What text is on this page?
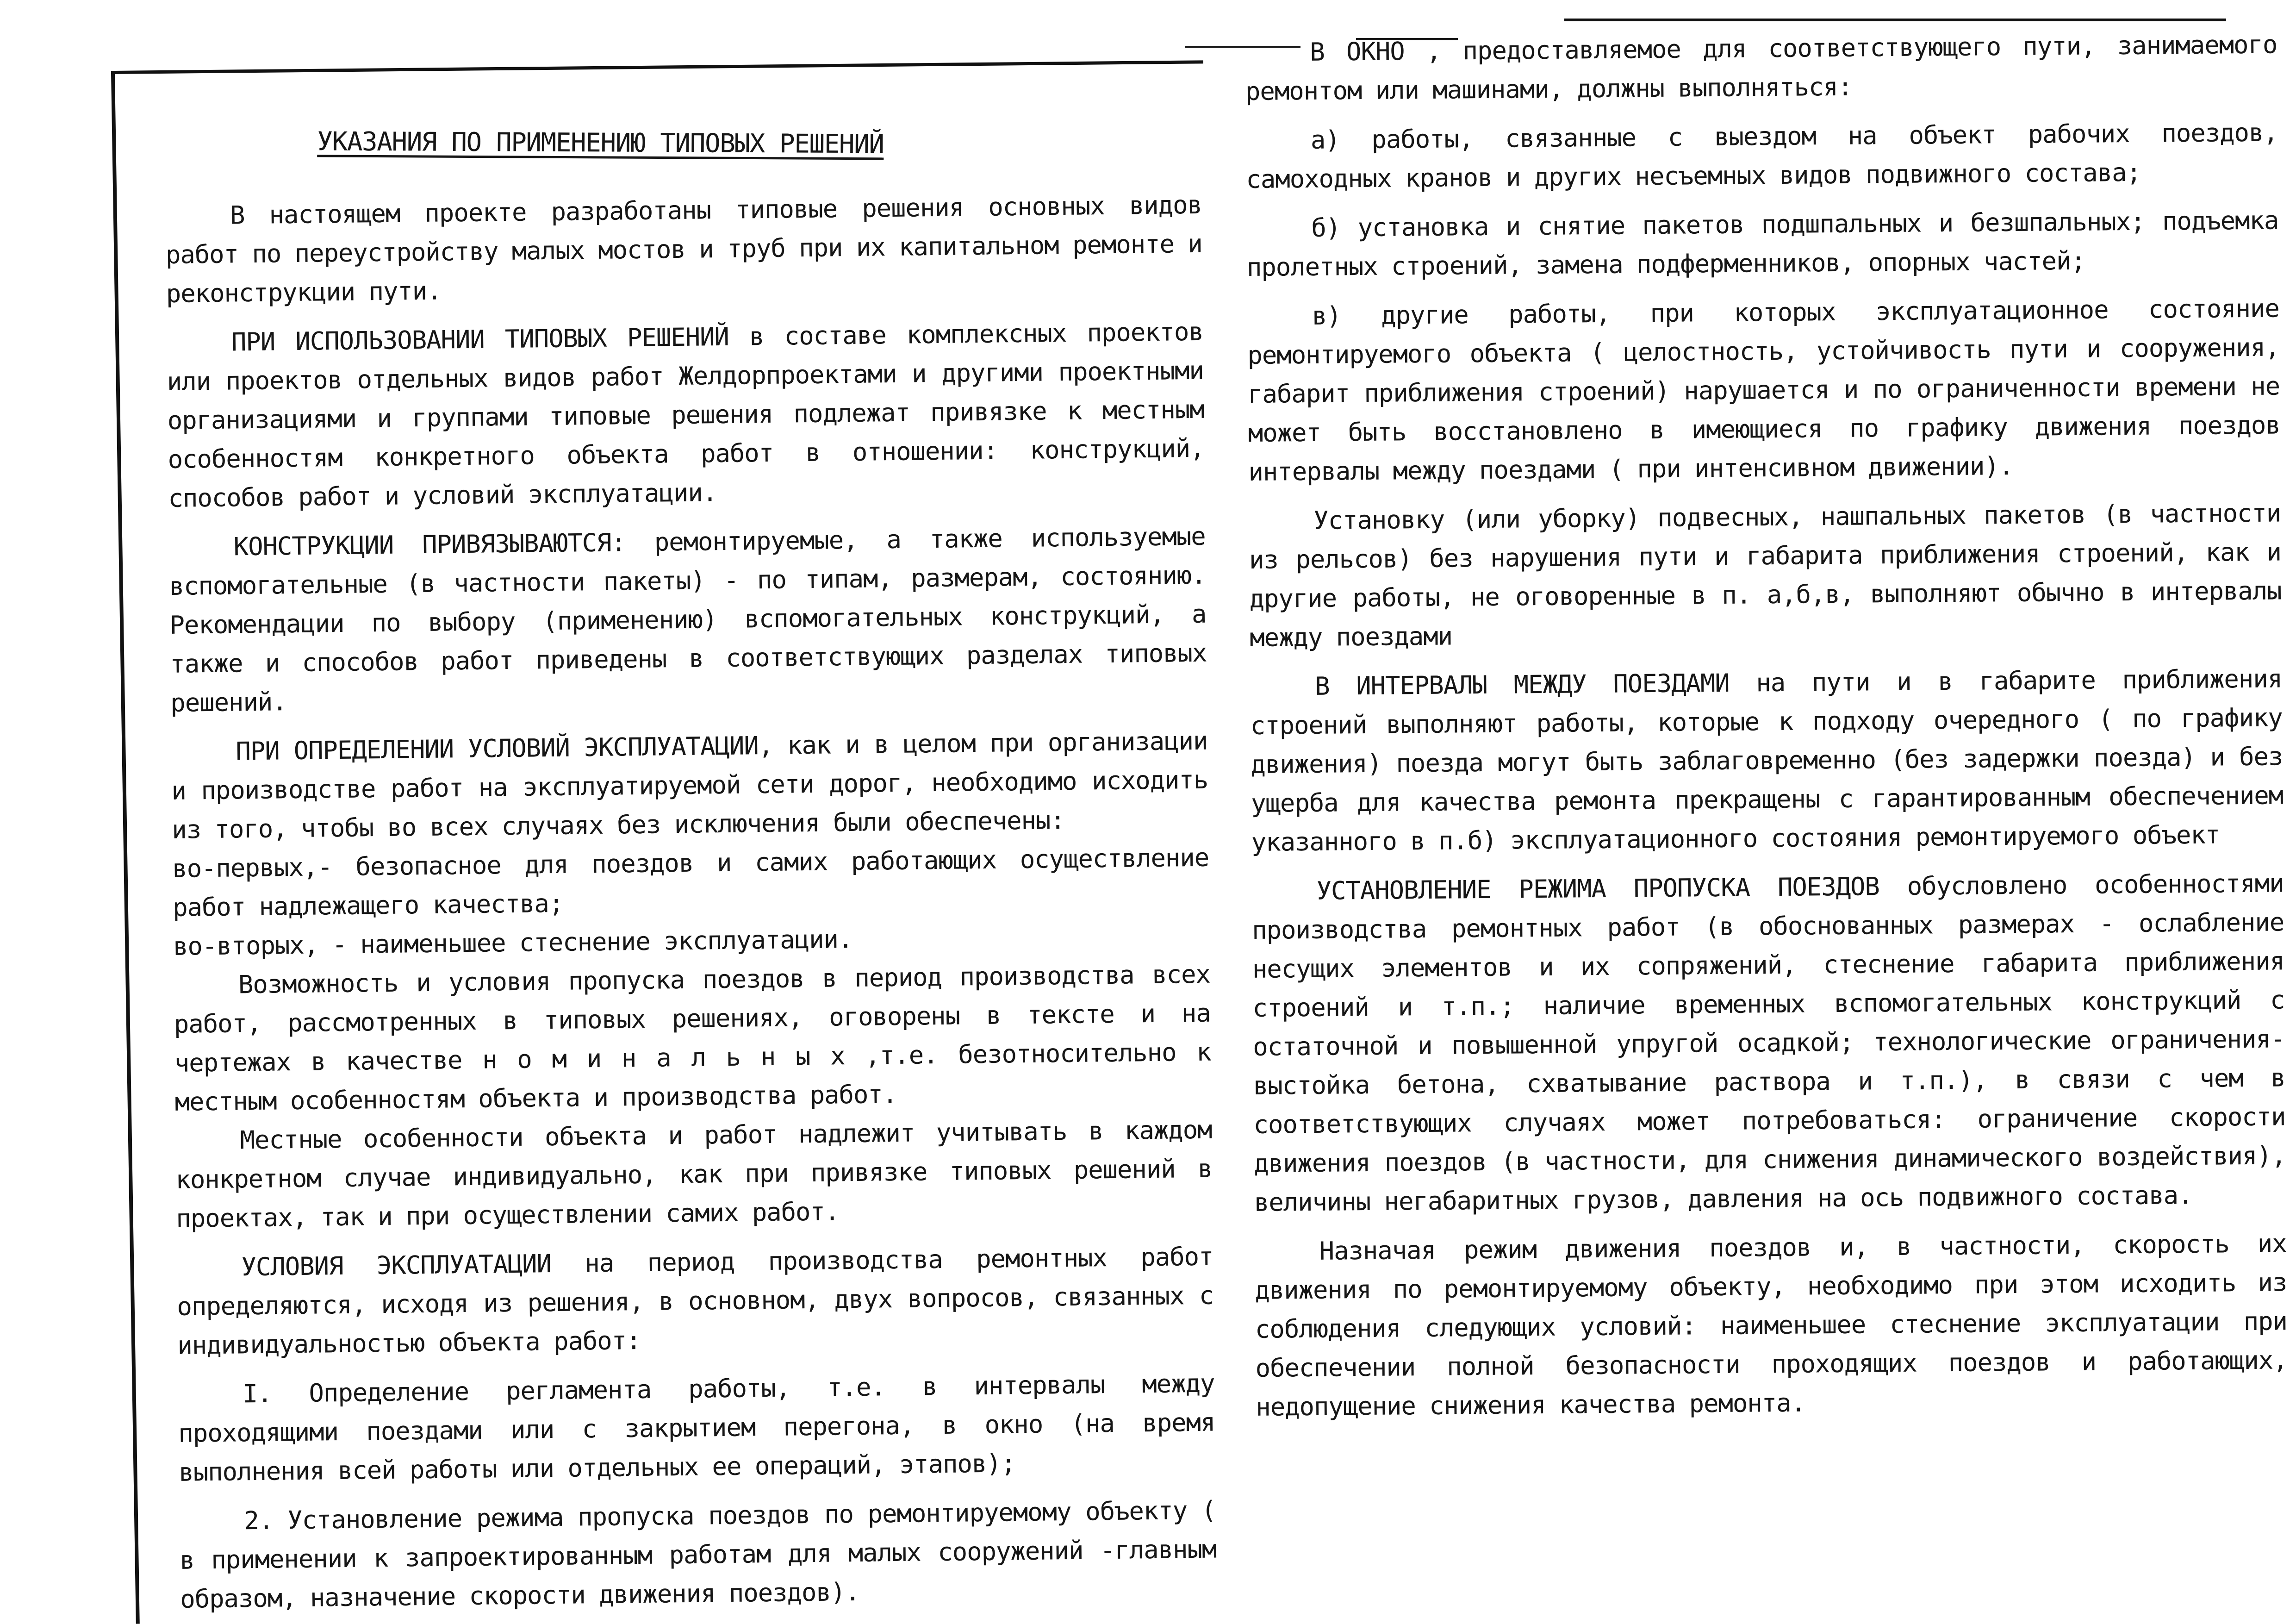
УКАЗАНИЯ ПО ПРИМЕНЕНИЮ ТИПОВЫХ РЕШЕНИЙ

В настоящем проекте разработаны типовые решения основных видов работ по переустройству малых мостов и труб при их капитальном ремонте и реконструкции пути.

ПРИ ИСПОЛЬЗОВАНИИ ТИПОВЫХ РЕШЕНИЙ в составе комплексных проектов или проектов отдельных видов работ Желдорпроектами и другими проектными организациями и группами типовые решения подлежат привязке к местным особенностям конкретного объекта работ в отношении: конструкций, способов работ и условий эксплуатации.

КОНСТРУКЦИИ ПРИВЯЗЫВАЮТСЯ: ремонтируемые, а также используемые вспомогательные (в частности пакеты) - по типам, размерам, состоянию. Рекомендации по выбору (применению) вспомогательных конструкций, а также и способов работ приведены в соответствующих разделах типовых решений.

ПРИ ОПРЕДЕЛЕНИИ УСЛОВИЙ ЭКСПЛУАТАЦИИ, как и в целом при организации и производстве работ на эксплуатируемой сети дорог, необходимо исходить из того, чтобы во всех случаях без исключения были обеспечены:

во-первых,- безопасное для поездов и самих работающих осуществление работ надлежащего качества;

во-вторых, - наименьшее стеснение эксплуатации.

Возможность и условия пропуска поездов в период производства всех работ, рассмотренных в типовых решениях, оговорены в тексте и на чертежах в качестве н о м и н а л ь н ы х ,т.е. безотносительно к местным особенностям объекта и производства работ.

Местные особенности объекта и работ надлежит учитывать в каждом конкретном случае индивидуально, как при привязке типовых решений в проектах, так и при осуществлении самих работ.

УСЛОВИЯ ЭКСПЛУАТАЦИИ на период производства ремонтных работ определяются, исходя из решения, в основном, двух вопросов, связанных с индивидуальностью объекта работ:

I. Определение регламента работы, т.е. в интервалы между проходящими поездами или с закрытием перегона, в окно (на время выполнения всей работы или отдельных ее операций, этапов);

2. Установление режима пропуска поездов по ремонтируемому объекту ( в применении к запроектированным работам для малых сооружений -главным образом, назначение скорости движения поездов).

В ОКНО , предоставляемое для соответствующего пути, занимаемого ремонтом или машинами, должны выполняться:

а) работы, связанные с выездом на объект рабочих поездов, самоходных кранов и других несъемных видов подвижного состава;

б) установка и снятие пакетов подшпальных и безшпальных; подъемка пролетных строений, замена подферменников, опорных частей;

в) другие работы, при которых эксплуатационное состояние ремонтируемого объекта ( целостность, устойчивость пути и сооружения, габарит приближения строений) нарушается и по ограниченности времени не может быть восстановлено в имеющиеся по графику движения поездов интервалы между поездами ( при интенсивном движении).

Установку (или уборку) подвесных, нашпальных пакетов (в частности из рельсов) без нарушения пути и габарита приближения строений, как и другие работы, не оговоренные в п. а,б,в, выполняют обычно в интервалы между поездами

В ИНТЕРВАЛЫ МЕЖДУ ПОЕЗДАМИ на пути и в габарите приближения строений выполняют работы, которые к подходу очередного ( по графику движения) поезда могут быть заблаговременно (без задержки поезда) и без ущерба для качества ремонта прекращены с гарантированным обеспечением указанного в п.б) эксплуатационного состояния ремонтируемого объект

УСТАНОВЛЕНИЕ РЕЖИМА ПРОПУСКА ПОЕЗДОВ обусловлено особенностями производства ремонтных работ (в обоснованных размерах - ослабление несущих элементов и их сопряжений, стеснение габарита приближения строений и т.п.; наличие временных вспомогательных конструкций с остаточной и повышенной упругой осадкой; технологические ограничения- выстойка бетона, схватывание раствора и т.п.), в связи с чем в соответствующих случаях может потребоваться: ограничение скорости движения поездов (в частности, для снижения динамического воздействия), величины негабаритных грузов, давления на ось подвижного состава.

Назначая режим движения поездов и, в частности, скорость их движения по ремонтируемому объекту, необходимо при этом исходить из соблюдения следующих условий: наименьшее стеснение эксплуатации при обеспечении полной безопасности проходящих поездов и работающих, недопущение снижения качества ремонта.
